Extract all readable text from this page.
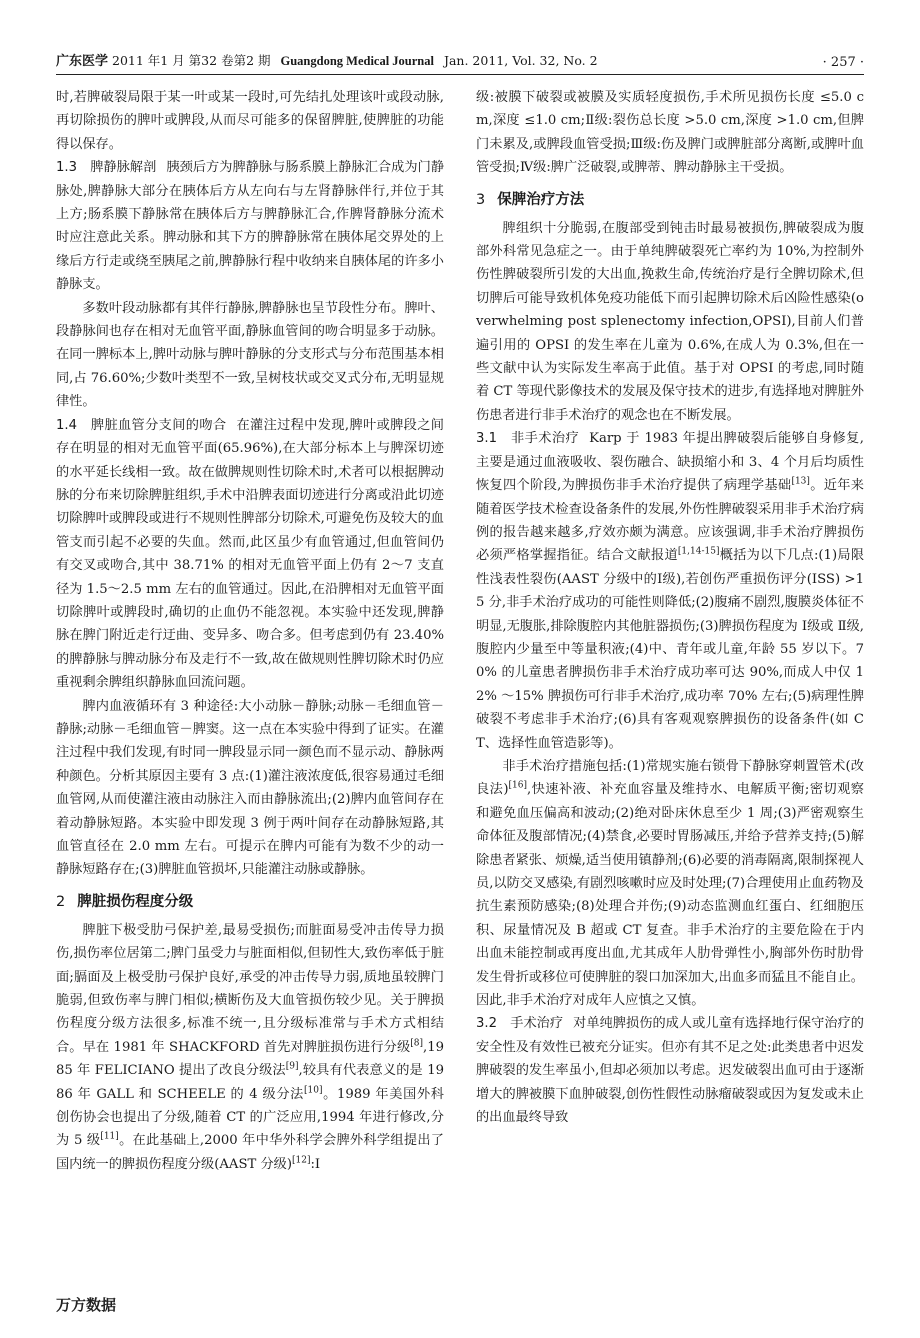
广东医学 2011 年1 月 第32 卷第2 期 Guangdong Medical Journal Jan. 2011, Vol. 32, No. 2	· 257 ·

时,若脾破裂局限于某一叶或某一段时,可先结扎处理该叶或段动脉,再切除损伤的脾叶或脾段,从而尽可能多的保留脾脏,使脾脏的功能得以保存。

1.3　脾静脉解剖 胰颈后方为脾静脉与肠系膜上静脉汇合成为门静脉处,脾静脉大部分在胰体后方从左向右与左肾静脉伴行,并位于其上方;肠系膜下静脉常在胰体后方与脾静脉汇合,作脾肾静脉分流术时应注意此关系。脾动脉和其下方的脾静脉常在胰体尾交界处的上缘后方行走或绕至胰尾之前,脾静脉行程中收纳来自胰体尾的许多小静脉支。

多数叶段动脉都有其伴行静脉,脾静脉也呈节段性分布。脾叶、段静脉间也存在相对无血管平面,静脉血管间的吻合明显多于动脉。在同一脾标本上,脾叶动脉与脾叶静脉的分支形式与分布范围基本相同,占 76.60%;少数叶类型不一致,呈树枝状或交叉式分布,无明显规律性。

1.4　脾脏血管分支间的吻合 在灌注过程中发现,脾叶或脾段之间存在明显的相对无血管平面(65.96%),在大部分标本上与脾深切迹的水平延长线相一致。故在做脾规则性切除术时,术者可以根据脾动脉的分布来切除脾脏组织,手术中沿脾表面切迹进行分离或沿此切迹切除脾叶或脾段或进行不规则性脾部分切除术,可避免伤及较大的血管支而引起不必要的失血。然而,此区虽少有血管通过,但血管间仍有交叉或吻合,其中 38.71% 的相对无血管平面上仍有 2～7 支直径为 1.5～2.5 mm 左右的血管通过。因此,在沿脾相对无血管平面切除脾叶或脾段时,确切的止血仍不能忽视。本实验中还发现,脾静脉在脾门附近走行迂曲、变异多、吻合多。但考虑到仍有 23.40% 的脾静脉与脾动脉分布及走行不一致,故在做规则性脾切除术时仍应重视剩余脾组织静脉血回流问题。

脾内血液循环有 3 种途径:大小动脉－静脉;动脉－毛细血管－静脉;动脉－毛细血管－脾窦。这一点在本实验中得到了证实。在灌注过程中我们发现,有时同一脾段显示同一颜色而不显示动、静脉两种颜色。分析其原因主要有 3 点:(1)灌注液浓度低,很容易通过毛细血管网,从而使灌注液由动脉注入而由静脉流出;(2)脾内血管间存在着动静脉短路。本实验中即发现 3 例于两叶间存在动静脉短路,其血管直径在 2.0 mm 左右。可提示在脾内可能有为数不少的动一静脉短路存在;(3)脾脏血管损坏,只能灌注动脉或静脉。

2 脾脏损伤程度分级

脾脏下极受肋弓保护差,最易受损伤;而脏面易受冲击传导力损伤,损伤率位居第二;脾门虽受力与脏面相似,但韧性大,致伤率低于脏面;膈面及上极受肋弓保护良好,承受的冲击传导力弱,质地虽较脾门脆弱,但致伤率与脾门相似;横断伤及大血管损伤较少见。关于脾损伤程度分级方法很多,标准不统一,且分级标准常与手术方式相结合。早在 1981 年 SHACKFORD 首先对脾脏损伤进行分级[8],1985 年 FELICIANO 提出了改良分级法[9],较具有代表意义的是 1986 年 GALL 和 SCHEELE 的 4 级分法[10]。1989 年美国外科创伤协会也提出了分级,随着 CT 的广泛应用,1994 年进行修改,分为 5 级[11]。在此基础上,2000 年中华外科学会脾外科学组提出了国内统一的脾损伤程度分级(AAST 分级)[12]:Ⅰ

级:被膜下破裂或被膜及实质轻度损伤,手术所见损伤长度 ≤5.0 cm,深度 ≤1.0 cm;Ⅱ级:裂伤总长度 >5.0 cm,深度 >1.0 cm,但脾门未累及,或脾段血管受损;Ⅲ级:伤及脾门或脾脏部分离断,或脾叶血管受损;Ⅳ级:脾广泛破裂,或脾蒂、脾动静脉主干受损。

3 保脾治疗方法

脾组织十分脆弱,在腹部受到钝击时最易被损伤,脾破裂成为腹部外科常见急症之一。由于单纯脾破裂死亡率约为 10%,为控制外伤性脾破裂所引发的大出血,挽救生命,传统治疗是行全脾切除术,但切脾后可能导致机体免疫功能低下而引起脾切除术后凶险性感染(overwhelming post splenectomy infection,OPSI),目前人们普遍引用的 OPSI 的发生率在儿童为 0.6%,在成人为 0.3%,但在一些文献中认为实际发生率高于此值。基于对 OPSI 的考虑,同时随着 CT 等现代影像技术的发展及保守技术的进步,有选择地对脾脏外伤患者进行非手术治疗的观念也在不断发展。

3.1　非手术治疗 Karp 于 1983 年提出脾破裂后能够自身修复,主要是通过血液吸收、裂伤融合、缺损缩小和 3、4 个月后均质性恢复四个阶段,为脾损伤非手术治疗提供了病理学基础[13]。近年来随着医学技术检查设备条件的发展,外伤性脾破裂采用非手术治疗病例的报告越来越多,疗效亦颇为满意。应该强调,非手术治疗脾损伤必须严格掌握指征。结合文献报道[1,14-15]概括为以下几点:(1)局限性浅表性裂伤(AAST 分级中的Ⅰ级),若创伤严重损伤评分(ISS) >15 分,非手术治疗成功的可能性则降低;(2)腹痛不剧烈,腹膜炎体征不明显,无腹胀,排除腹腔内其他脏器损伤;(3)脾损伤程度为 Ⅰ级或 Ⅱ级,腹腔内少量至中等量积液;(4)中、青年或儿童,年龄 55 岁以下。70% 的儿童患者脾损伤非手术治疗成功率可达 90%,而成人中仅 12% ～15% 脾损伤可行非手术治疗,成功率 70% 左右;(5)病理性脾破裂不考虑非手术治疗;(6)具有客观观察脾损伤的设备条件(如 CT、选择性血管造影等)。

非手术治疗措施包括:(1)常规实施右锁骨下静脉穿刺置管术(改良法)[16],快速补液、补充血容量及维持水、电解质平衡;密切观察和避免血压偏高和波动;(2)绝对卧床休息至少 1 周;(3)严密观察生命体征及腹部情况;(4)禁食,必要时胃肠减压,并给予营养支持;(5)解除患者紧张、烦燥,适当使用镇静剂;(6)必要的消毒隔离,限制探视人员,以防交叉感染,有剧烈咳嗽时应及时处理;(7)合理使用止血药物及抗生素预防感染;(8)处理合并伤;(9)动态监测血红蛋白、红细胞压积、尿量情况及 B 超或 CT 复查。非手术治疗的主要危险在于内出血未能控制或再度出血,尤其成年人肋骨弹性小,胸部外伤时肋骨发生骨折或移位可使脾脏的裂口加深加大,出血多而猛且不能自止。因此,非手术治疗对成年人应慎之又慎。

3.2　手术治疗 对单纯脾损伤的成人或儿童有选择地行保守治疗的安全性及有效性已被充分证实。但亦有其不足之处:此类患者中迟发脾破裂的发生率虽小,但却必须加以考虑。迟发破裂出血可由于逐渐增大的脾被膜下血肿破裂,创伤性假性动脉瘤破裂或因为复发或未止的出血最终导致

万方数据
